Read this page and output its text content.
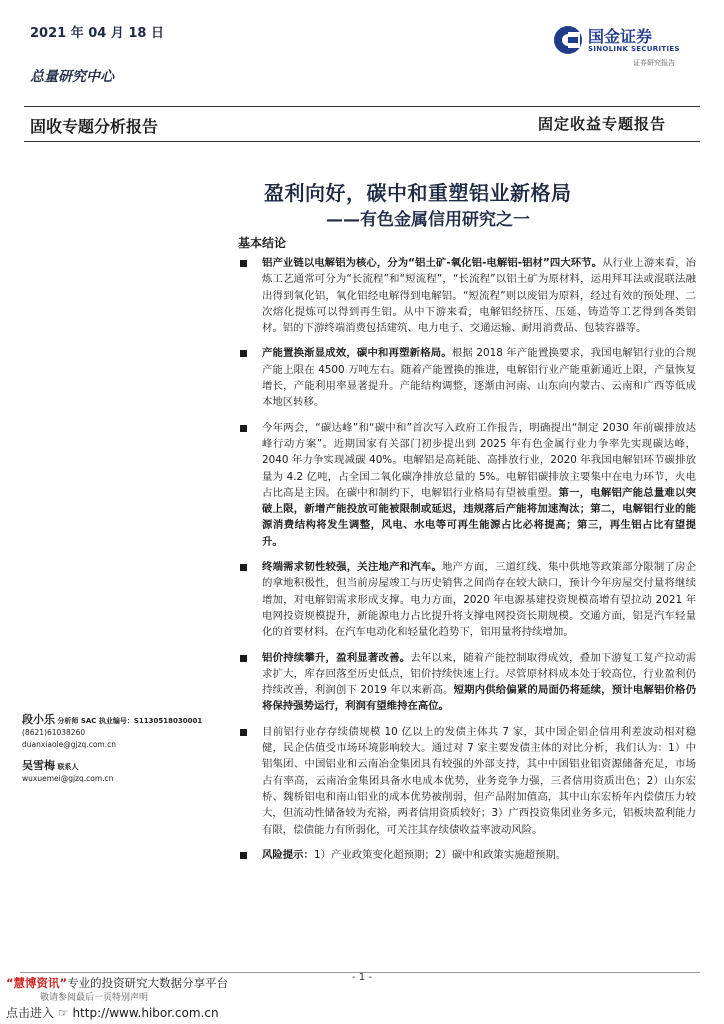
2021 年 04 月 18 日
总量研究中心
国金证券
SINOLINK SECURITIES
证券研究报告
固收专题分析报告	固定收益专题报告
盈利向好，碳中和重塑铝业新格局
——有色金属信用研究之一
基本结论
铝产业链以电解铝为核心，分为“铝土矿-氧化铝-电解铝-铝材”四大环节。从行业上游来看，冶炼工艺通常可分为“长流程”和“短流程”，“长流程”以铝土矿为原材料，运用拜耳法或混联法融出得到氧化铝，氧化铝经电解得到电解铝。“短流程”则以废铝为原料，经过有效的预处理、二次熔化提炼可以得到再生铝。从中下游来看，电解铝经挤压、压延、铸造等工艺得到各类铝材。铝的下游终端消费包括建筑、电力电子、交通运输、耐用消费品、包装容器等。
产能置换渐显成效，碳中和再塑新格局。根据 2018 年产能置换要求，我国电解铝行业的合规产能上限在 4500 万吨左右。随着产能置换的推进，电解铝行业产能重新通近上限，产量恢复增长，产能利用率显著提升。产能结构调整，逐渐由河南、山东向内蒙古、云南和广西等低成本地区转移。
今年两会，“碳达峰”和“碳中和”首次写入政府工作报告，明确提出“制定 2030 年前碳排放达峰行动方案”。近期国家有关部门初步提出到 2025 年有色金属行业力争率先实现碳达峰，2040 年力争实现减碳 40%。电解铝是高耗能、高排放行业，2020 年我国电解铝环节碳排放量为 4.2 亿吨，占全国二氧化碳净排放总量的 5%。电解铝碳排放主要集中在电力环节，火电占比高是主因。在碳中和制约下，电解铝行业格局有望被重塑。第一，电解铝产能总量难以突破上限，新增产能投放可能被限制或延迟，违规落后产能将加速淘汰；第二，电解铝行业的能源消费结构将发生调整，风电、水电等可再生能源占比必将提高；第三，再生铝占比有望提升。
终端需求韧性较强，关注地产和汽车。地产方面，三道红线、集中供地等政策部分限制了房企的拿地积极性，但当前房屋竣工与历史销售之间尚存在较大缺口，预计今年房屋交付量将继续增加，对电解铝需求形成支撑。电力方面，2020 年电源基建投资规模高增有望拉动 2021 年电网投资规模提升，新能源电力占比提升将支撑电网投资长期规模。交通方面，铝是汽车轻量化的首要材料。在汽车电动化和轻量化趋势下，铝用量将持续增加。
铝价持续攀升，盈利显著改善。去年以来，随着产能控制取得成效，叠加下游复工复产拉动需求扩大，库存回落至历史低点，铝价持续快速上行。尽管原材料成本处于较高位，行业盈利仍持续改善，利润创下 2019 年以来新高。短期内供给偏紧的局面仍将延续，预计电解铝价格仍将保持强势运行，利润有望维持在高位。
目前铝行业存存续债规模 10 亿以上的发债主体共 7 家，其中国企铝企信用利差波动相对稳健，民企估值受市场环境影响较大。通过对 7 家主要发债主体的对比分析，我们认为：1）中铝集团、中国铝业和云南冶金集团具有较强的外部支持，其中中国铝业铝资源储备充足，市场占有率高，云南冶金集团具备水电成本优势，业务竞争力强，三者信用资质出色；2）山东宏桥、魏桥铝电和南山铝业的成本优势被削弱，但产品附加值高，其中山东宏桥年内偿债压力较大，但流动性储备较为充裕，两者信用资质较好；3）广西投资集团业务多元，铝板块盈利能力有限，偿债能力有所弱化，可关注其存续债收益率波动风险。
风险提示：1）产业政策变化超预期；2）碳中和政策实施超预期。
段小乐 分析师 SAC 执业编号：S1130518030001
(8621)61038260
duanxiaole@gjzq.com.cn
吴雪梅 联系人
wuxuemei@gjzq.com.cn
- 1 -
“慧博资讯”专业的投资研究大数据分享平台
敬请参阅最后一页特别声明
点击进入 ☞ http://www.hibor.com.cn
